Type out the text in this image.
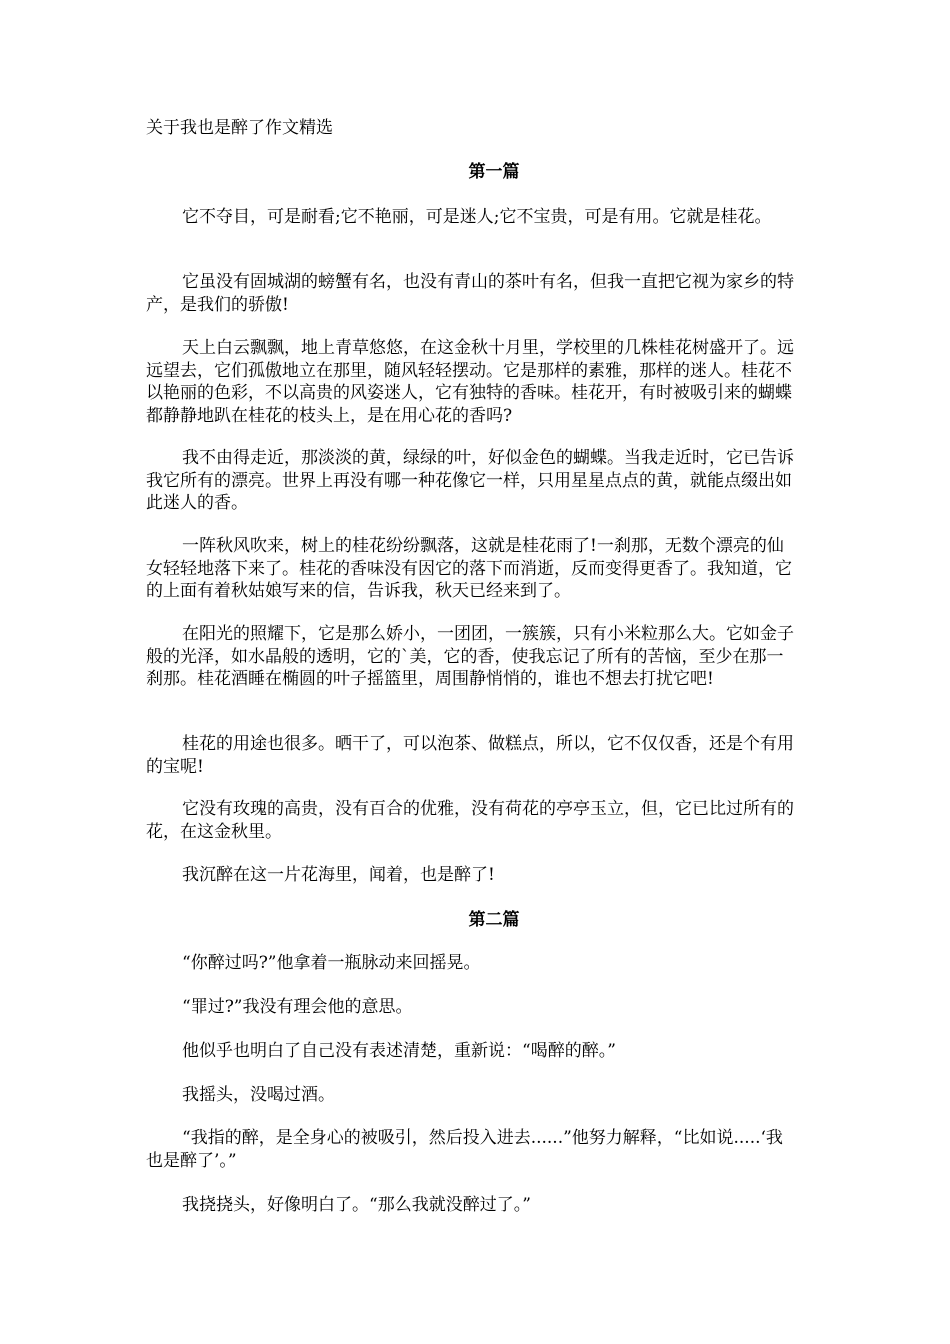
关于我也是醉了作文精选
第一篇

它不夺目，可是耐看;它不艳丽，可是迷人;它不宝贵，可是有用。它就是桂花。

它虽没有固城湖的螃蟹有名，也没有青山的茶叶有名，但我一直把它视为家乡的特产，是我们的骄傲!

天上白云飘飘，地上青草悠悠，在这金秋十月里，学校里的几株桂花树盛开了。远远望去，它们孤傲地立在那里，随风轻轻摆动。它是那样的素雅，那样的迷人。桂花不以艳丽的色彩，不以高贵的风姿迷人，它有独特的香味。桂花开，有时被吸引来的蝴蝶都静静地趴在桂花的枝头上，是在用心花的香吗?

我不由得走近，那淡淡的黄，绿绿的叶，好似金色的蝴蝶。当我走近时，它已告诉我它所有的漂亮。世界上再没有哪一种花像它一样，只用星星点点的黄，就能点缀出如此迷人的香。

一阵秋风吹来，树上的桂花纷纷飘落，这就是桂花雨了!一刹那，无数个漂亮的仙女轻轻地落下来了。桂花的香味没有因它的落下而消逝，反而变得更香了。我知道，它的上面有着秋姑娘写来的信，告诉我，秋天已经来到了。

在阳光的照耀下，它是那么娇小，一团团，一簇簇，只有小米粒那么大。它如金子般的光泽，如水晶般的透明，它的`美，它的香，使我忘记了所有的苦恼，至少在那一刹那。桂花酒睡在椭圆的叶子摇篮里，周围静悄悄的，谁也不想去打扰它吧!

桂花的用途也很多。晒干了，可以泡茶、做糕点，所以，它不仅仅香，还是个有用的宝呢!

它没有玫瑰的高贵，没有百合的优雅，没有荷花的亭亭玉立，但，它已比过所有的花，在这金秋里。

我沉醉在这一片花海里，闻着，也是醉了!

第二篇

“你醉过吗?”他拿着一瓶脉动来回摇晃。

“罪过?”我没有理会他的意思。

他似乎也明白了自己没有表述清楚，重新说：“喝醉的醉。”

我摇头，没喝过酒。

“我指的醉，是全身心的被吸引，然后投入进去......”他努力解释，“比如说.....‘我也是醉了’。”

我挠挠头，好像明白了。“那么我就没醉过了。”
